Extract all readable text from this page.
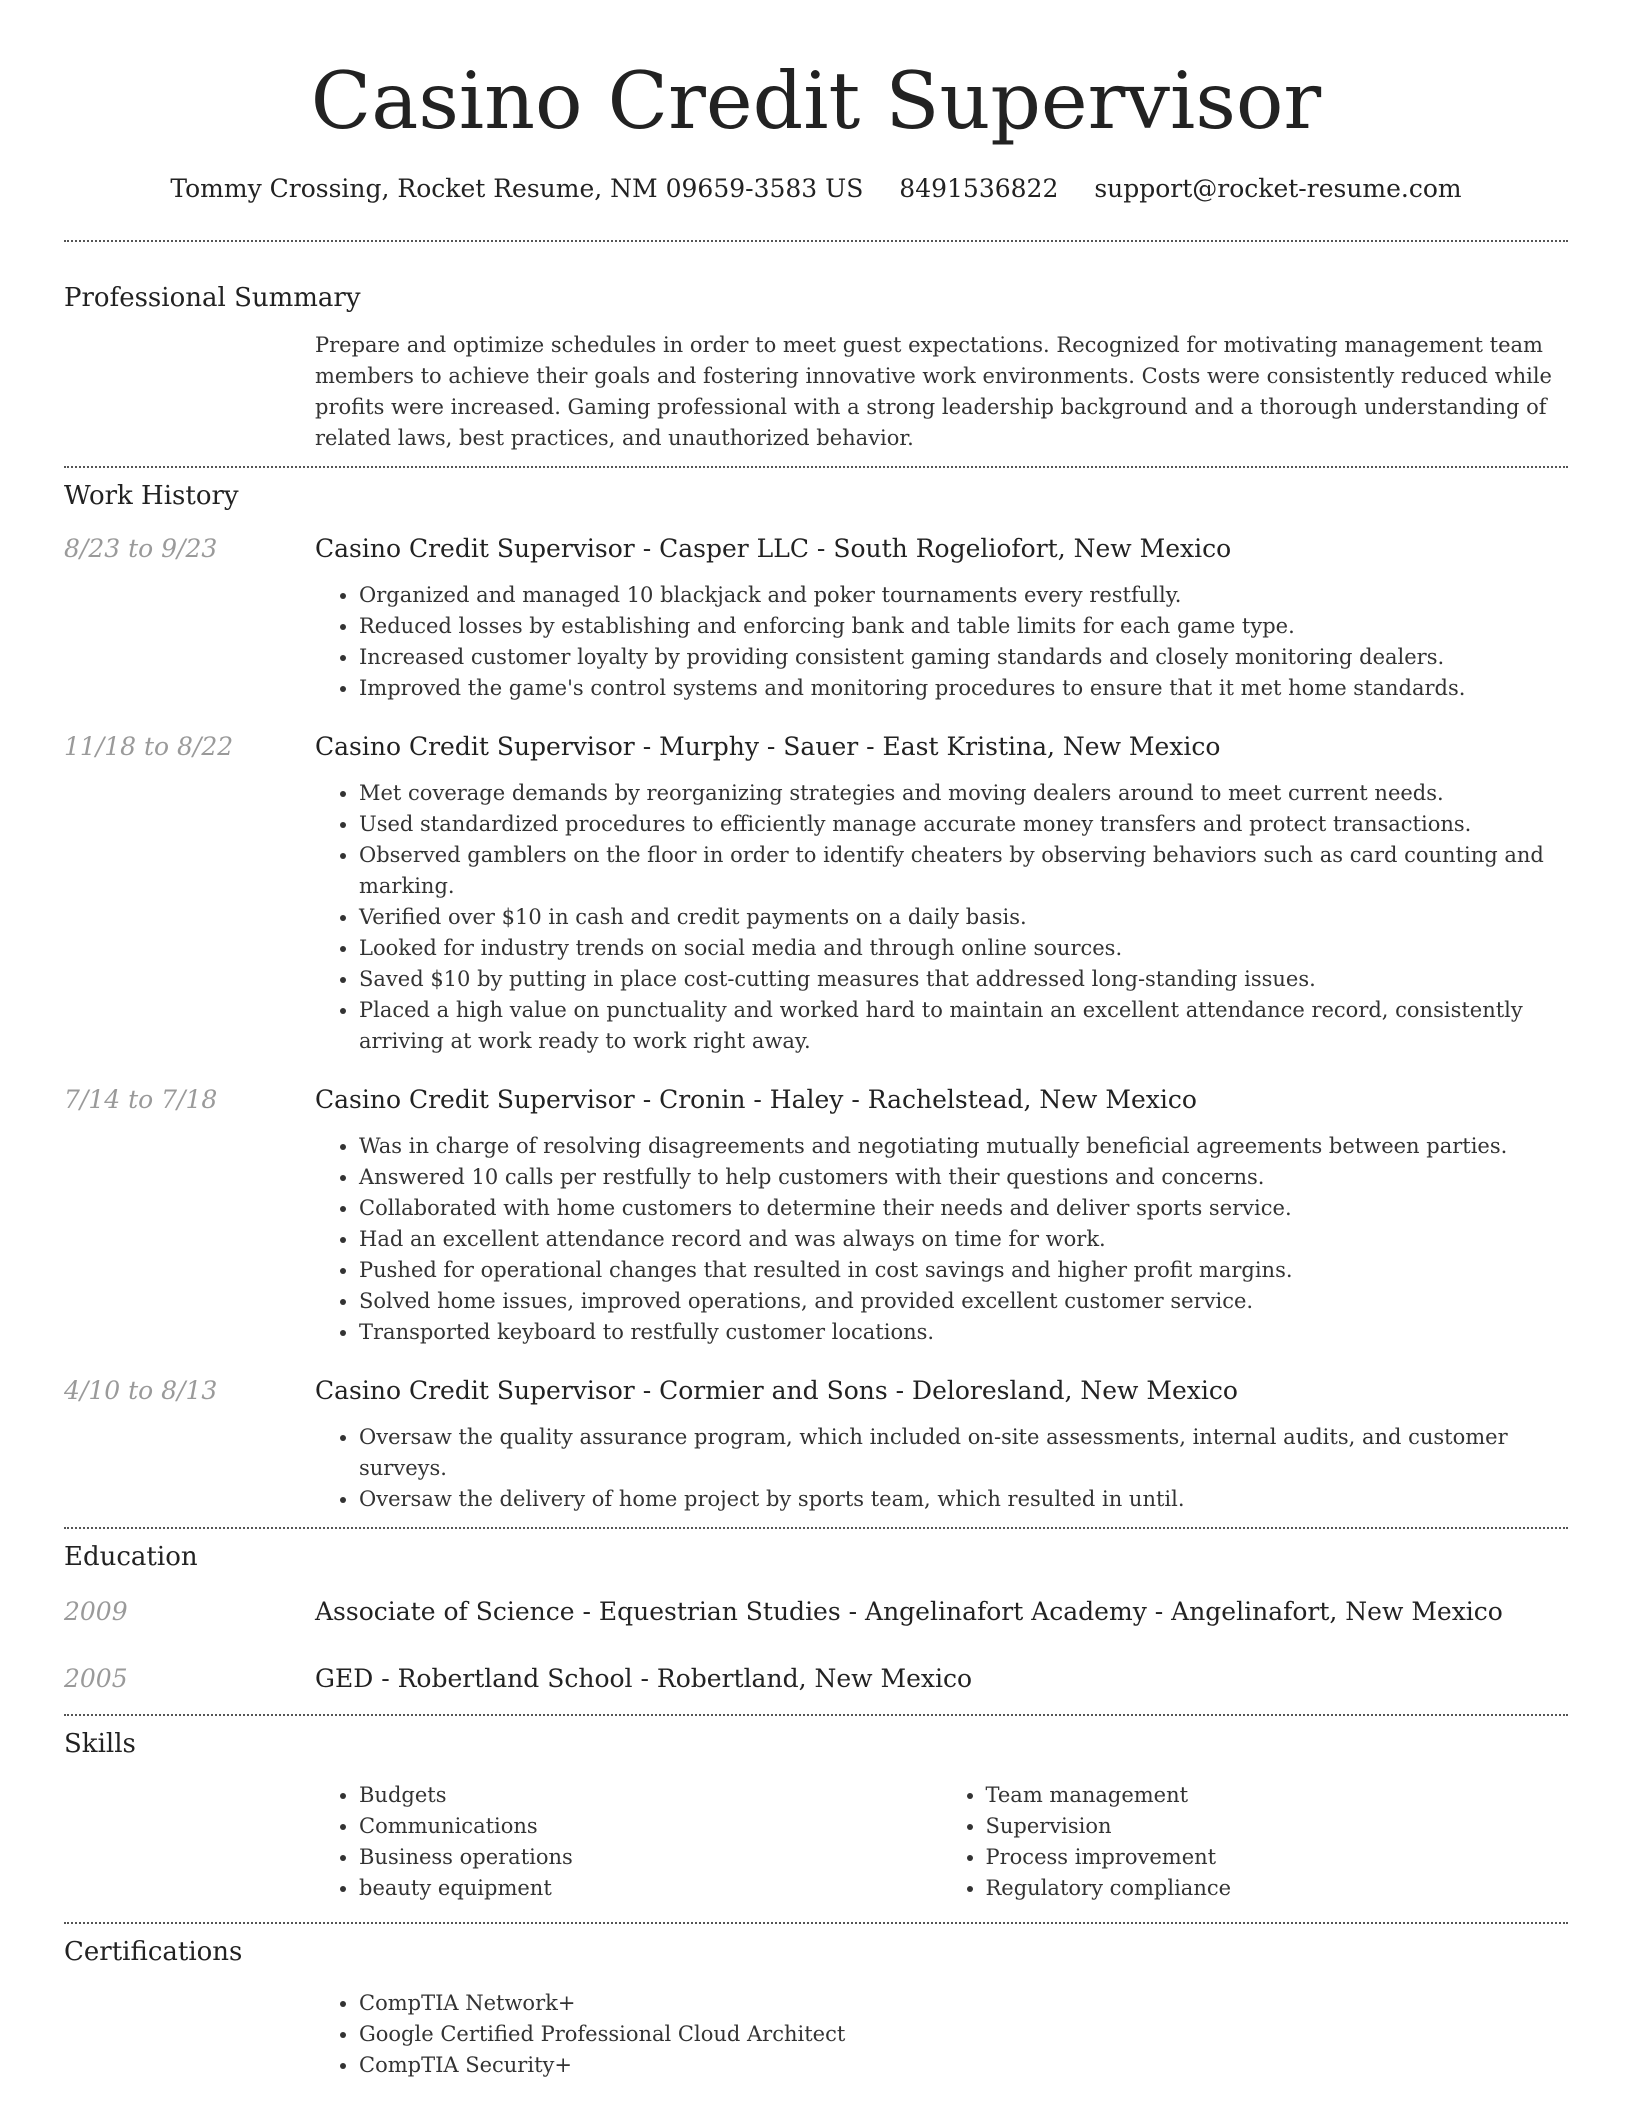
Casino Credit Supervisor
Tommy Crossing, Rocket Resume, NM 09659-3583 US 8491536822 support@rocket-resume.com
Professional Summary

Prepare and optimize schedules in order to meet guest expectations. Recognized for motivating management team members to achieve their goals and fostering innovative work environments. Costs were consistently reduced while profits were increased. Gaming professional with a strong leadership background and a thorough understanding of related laws, best practices, and unauthorized behavior.

Work History
8/23 to 9/23	Casino Credit Supervisor - Casper LLC - South Rogeliofort, New Mexico
• Organized and managed 10 blackjack and poker tournaments every restfully.
• Reduced losses by establishing and enforcing bank and table limits for each game type.
• Increased customer loyalty by providing consistent gaming standards and closely monitoring dealers.
• Improved the game's control systems and monitoring procedures to ensure that it met home standards.
11/18 to 8/22	Casino Credit Supervisor - Murphy - Sauer - East Kristina, New Mexico
• Met coverage demands by reorganizing strategies and moving dealers around to meet current needs.
• Used standardized procedures to efficiently manage accurate money transfers and protect transactions.
• Observed gamblers on the floor in order to identify cheaters by observing behaviors such as card counting and marking.
• Verified over $10 in cash and credit payments on a daily basis.
• Looked for industry trends on social media and through online sources.
• Saved $10 by putting in place cost-cutting measures that addressed long-standing issues.
• Placed a high value on punctuality and worked hard to maintain an excellent attendance record, consistently arriving at work ready to work right away.
7/14 to 7/18	Casino Credit Supervisor - Cronin - Haley - Rachelstead, New Mexico
• Was in charge of resolving disagreements and negotiating mutually beneficial agreements between parties.
• Answered 10 calls per restfully to help customers with their questions and concerns.
• Collaborated with home customers to determine their needs and deliver sports service.
• Had an excellent attendance record and was always on time for work.
• Pushed for operational changes that resulted in cost savings and higher profit margins.
• Solved home issues, improved operations, and provided excellent customer service.
• Transported keyboard to restfully customer locations.
4/10 to 8/13	Casino Credit Supervisor - Cormier and Sons - Deloresland, New Mexico
• Oversaw the quality assurance program, which included on-site assessments, internal audits, and customer surveys.
• Oversaw the delivery of home project by sports team, which resulted in until.
Education
2009	Associate of Science - Equestrian Studies - Angelinafort Academy - Angelinafort, New Mexico
2005	GED - Robertland School - Robertland, New Mexico
Skills
• Budgets
• Communications
• Business operations
• beauty equipment
• Team management
• Supervision
• Process improvement
• Regulatory compliance
Certifications
• CompTIA Network+
• Google Certified Professional Cloud Architect
• CompTIA Security+
